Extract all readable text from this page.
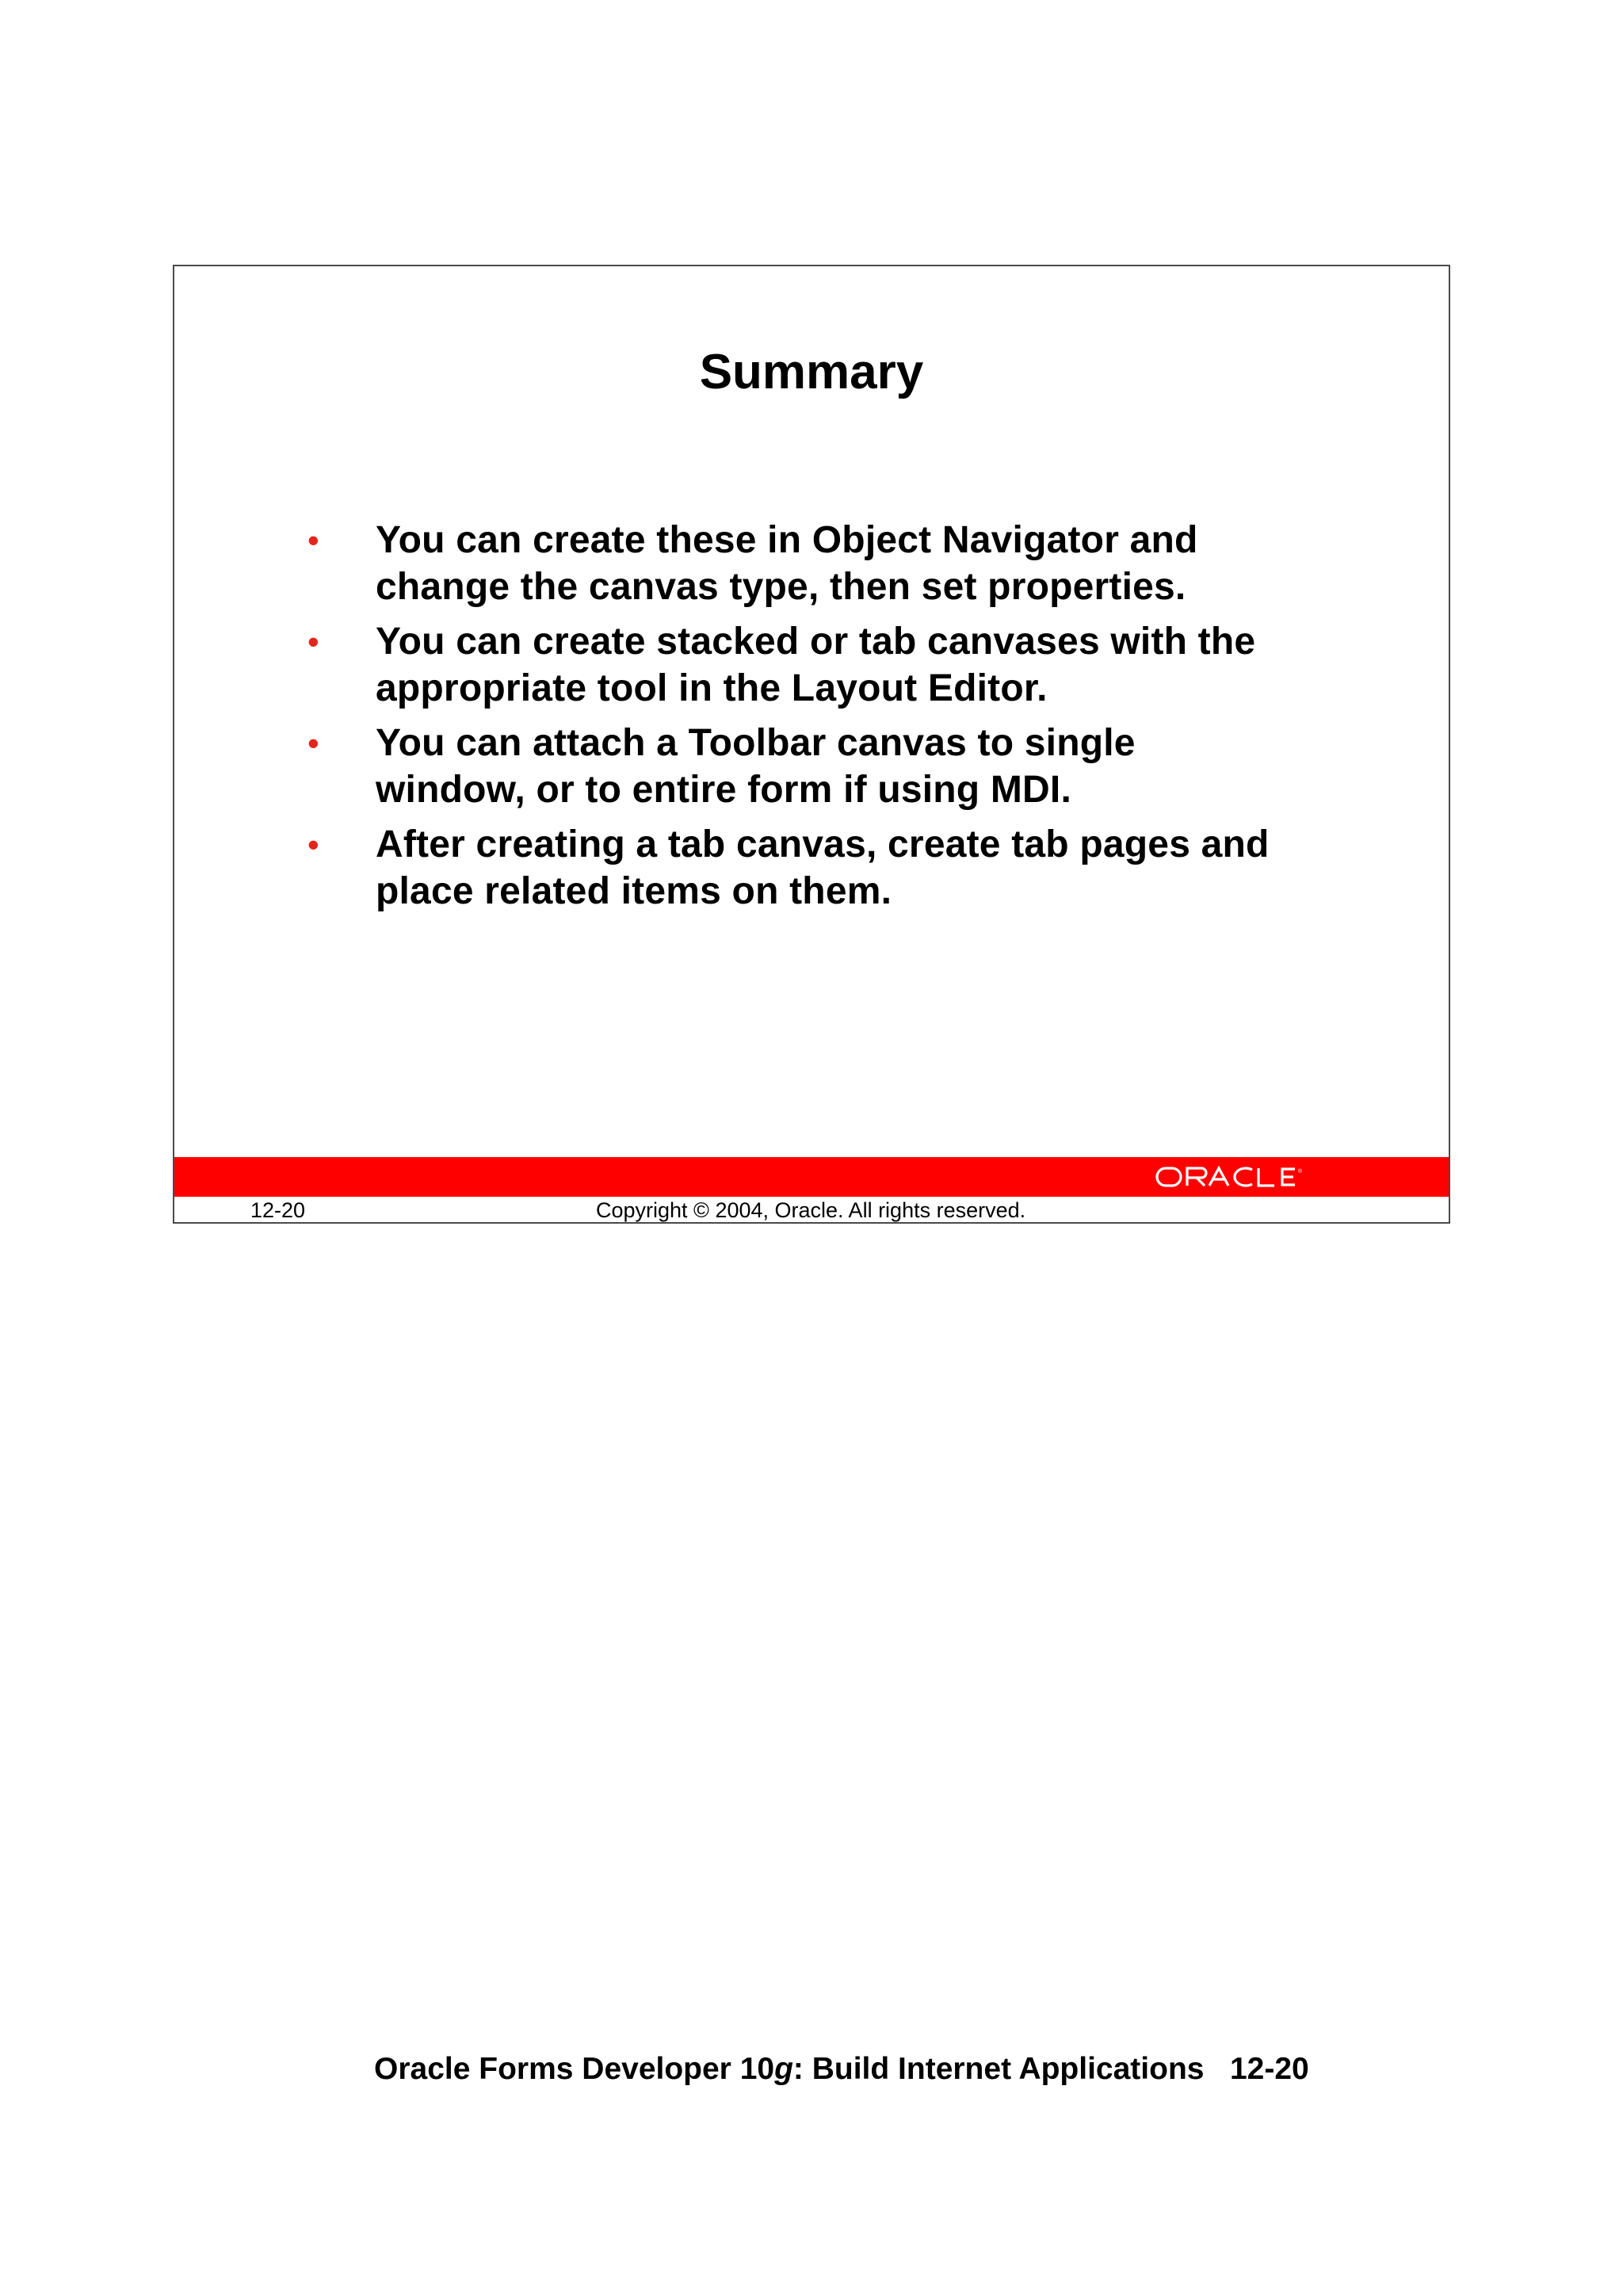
Summary
• You can create these in Object Navigator and
change the canvas type, then set properties.
• You can create stacked or tab canvases with the
appropriate tool in the Layout Editor.
• You can attach a Toolbar canvas to single
window, or to entire form if using MDI.
• After creating a tab canvas, create tab pages and
place related items on them.
®
12-20	Copyright © 2004, Oracle. All rights reserved.
Oracle Forms Developer 10g: Build Internet Applications   12-20
